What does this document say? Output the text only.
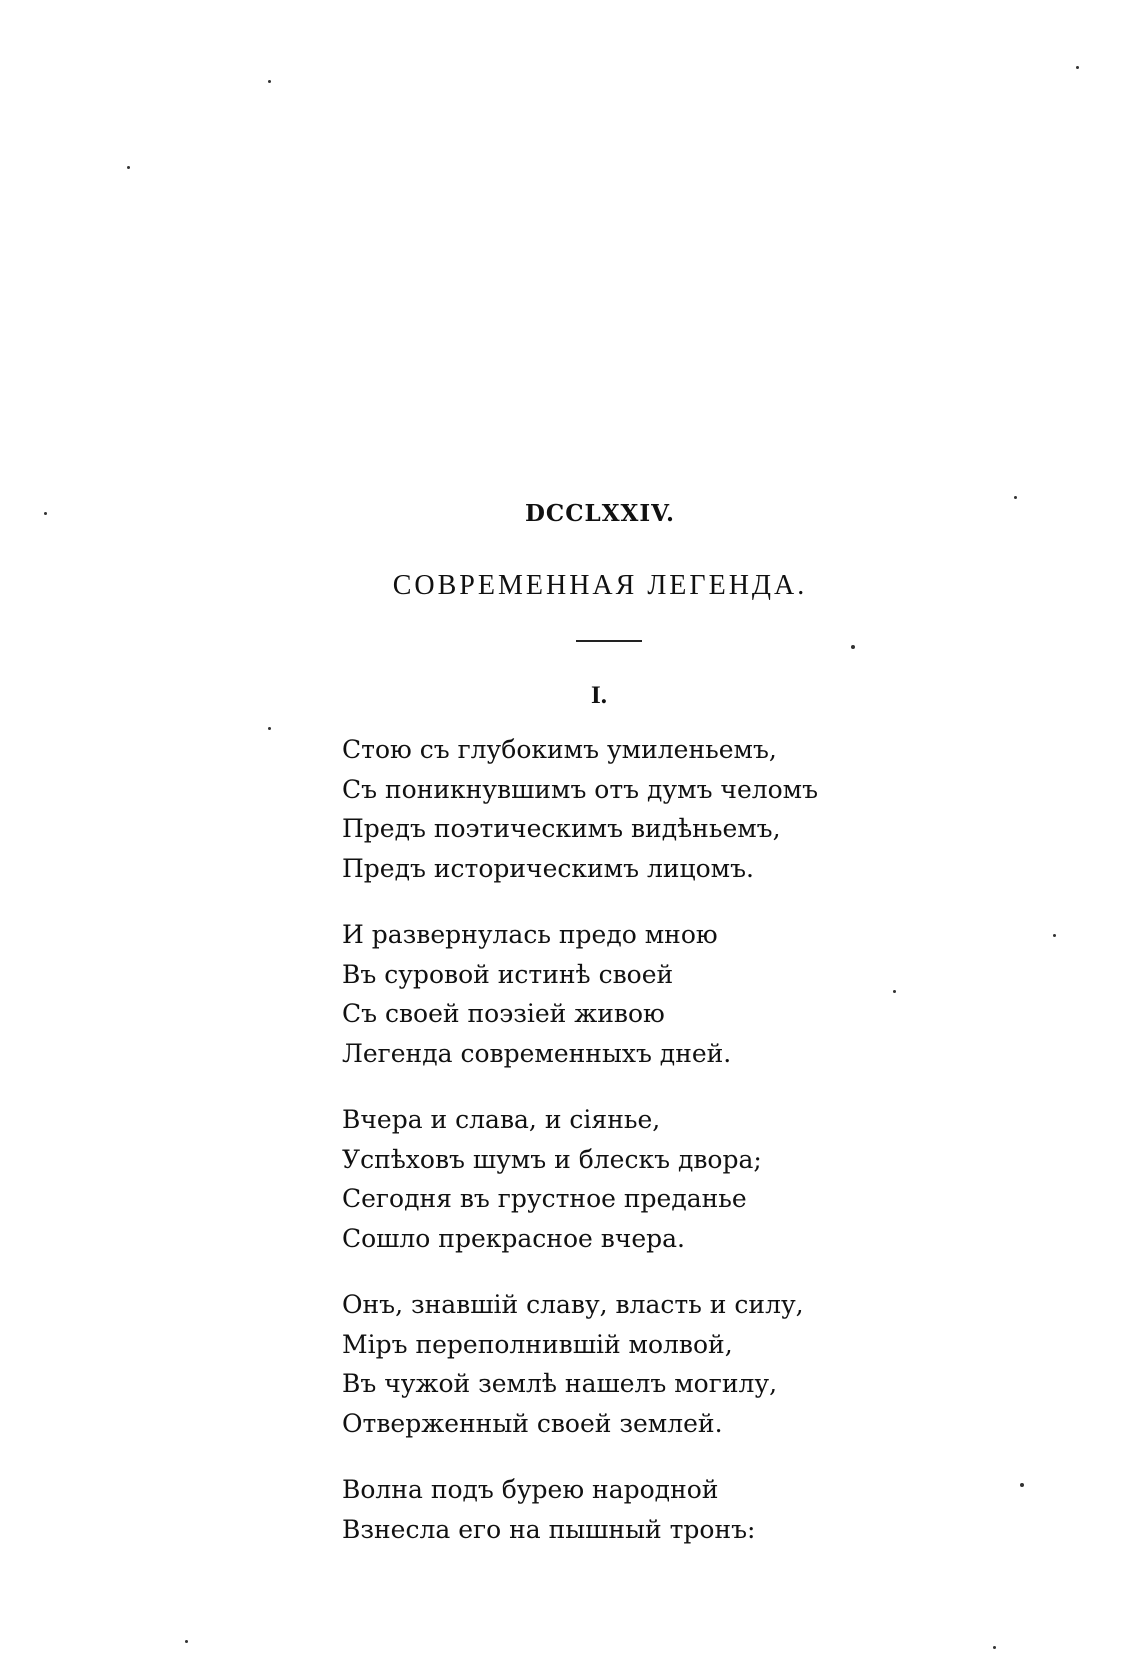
DCCLXXIV.
СОВРЕМЕННАЯ ЛЕГЕНДА.
I.
Стою съ глубокимъ умиленьемъ,
Съ поникнувшимъ отъ думъ челомъ
Предъ поэтическимъ видѣньемъ,
Предъ историческимъ лицомъ.
И развернулась предо мною
Въ суровой истинѣ своей
Съ своей поэзіей живою
Легенда современныхъ дней.
Вчера и слава, и сіянье,
Успѣховъ шумъ и блескъ двора;
Сегодня въ грустное преданье
Сошло прекрасное вчера.
Онъ, знавшій славу, власть и силу,
Міръ переполнившій молвой,
Въ чужой землѣ нашелъ могилу,
Отверженный своей землей.
Волна подъ бурею народной
Взнесла его на пышный тронъ:
